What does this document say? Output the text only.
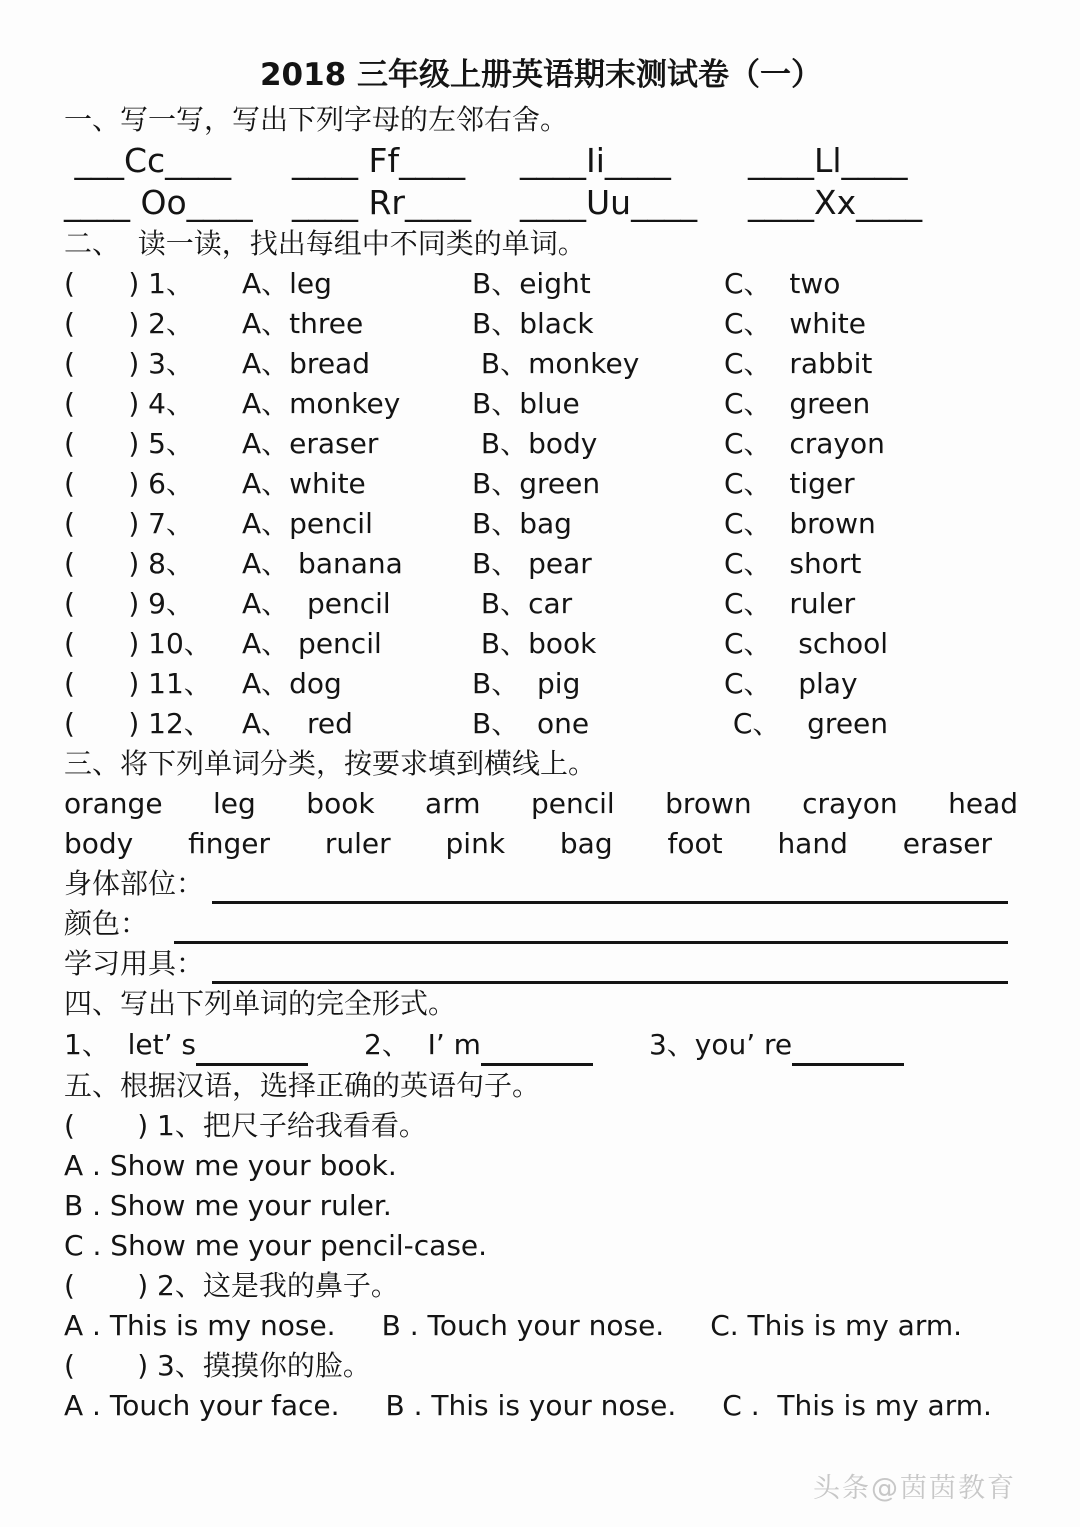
2018 三年级上册英语期末测试卷（一）
一、写一写，写出下列字母的左邻右舍。
___Cc____	____ Ff____	____Ii____	____Ll____
____ Oo____	____ Rr____	____Uu____	____Xx____
二、  读一读，找出每组中不同类的单词。
(      ) 1、	A、leg	B、eight	C、  two
(      ) 2、	A、three	B、black	C、  white
(      ) 3、	A、bread	B、monkey	C、  rabbit
(      ) 4、	A、monkey	B、blue	C、  green
(      ) 5、	A、eraser	B、body	C、  crayon
(      ) 6、	A、white	B、green	C、  tiger
(      ) 7、	A、pencil	B、bag	C、  brown
(      ) 8、	A、 banana	B、 pear	C、  short
(      ) 9、	A、  pencil	B、car	C、  ruler
(      ) 10、	A、 pencil	B、book	C、   school
(      ) 11、	A、dog	B、  pig	C、   play
(      ) 12、	A、  red	B、  one	C、   green
三、将下列单词分类，按要求填到横线上。
orange leg book arm pencil brown crayon head
body finger ruler pink bag foot hand eraser
身体部位：
颜色：
学习用具：
四、写出下列单词的完全形式。
1、  let’ s	2、  I’ m	3、you’ re
五、根据汉语，选择正确的英语句子。
(       ) 1、把尺子给我看看。
A . Show me your book.
B . Show me your ruler.
C . Show me your pencil-case.
(       ) 2、这是我的鼻子。
A . This is my nose. B . Touch your nose. C. This is my arm.
(       ) 3、摸摸你的脸。
A . Touch your face. B . This is your nose. C .  This is my arm.
头条@茵茵教育
